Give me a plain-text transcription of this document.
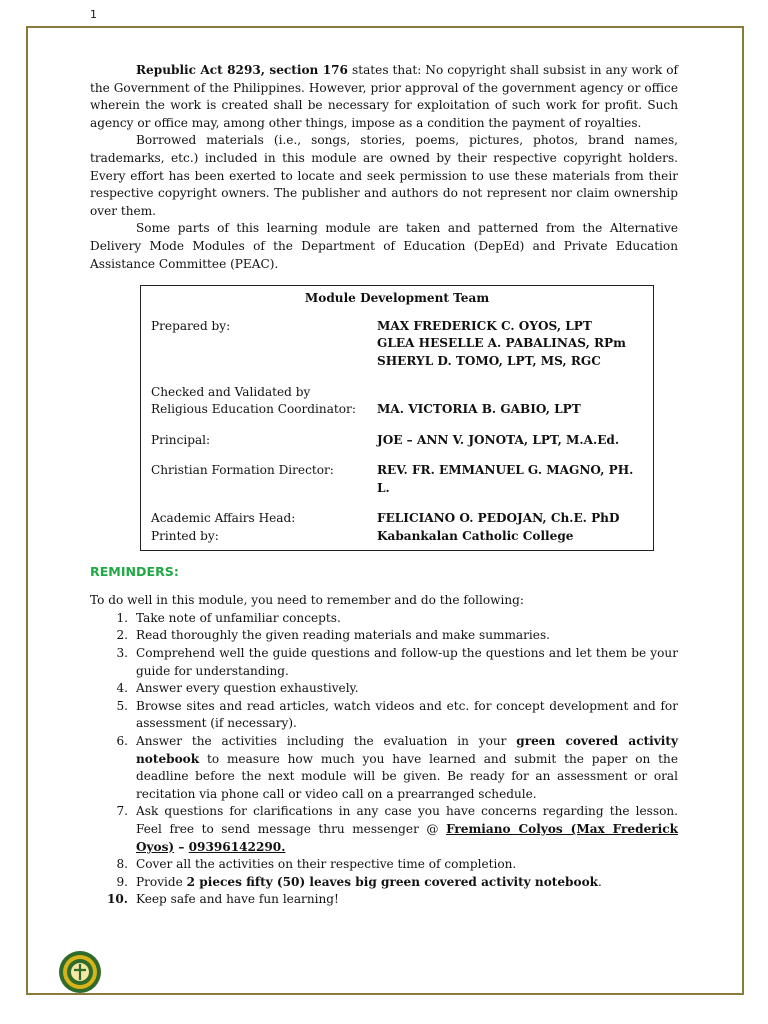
1

Republic Act 8293, section 176 states that: No copyright shall subsist in any work of the Government of the Philippines. However, prior approval of the government agency or office wherein the work is created shall be necessary for exploitation of such work for profit. Such agency or office may, among other things, impose as a condition the payment of royalties.

Borrowed materials (i.e., songs, stories, poems, pictures, photos, brand names, trademarks, etc.) included in this module are owned by their respective copyright holders. Every effort has been exerted to locate and seek permission to use these materials from their respective copyright owners. The publisher and authors do not represent nor claim ownership over them.

Some parts of this learning module are taken and patterned from the Alternative Delivery Mode Modules of the Department of Education (DepEd) and Private Education Assistance Committee (PEAC).

Module Development Team
Prepared by:	MAX FREDERICK C. OYOS, LPT
GLEA HESELLE A. PABALINAS, RPm
SHERYL D. TOMO, LPT, MS, RGC
Checked and Validated by
Religious Education Coordinator:	MA. VICTORIA B. GABIO, LPT
Principal:	JOE – ANN V. JONOTA, LPT, M.A.Ed.
Christian Formation Director:	REV. FR. EMMANUEL G. MAGNO, PH. L.
Academic Affairs Head:	FELICIANO O. PEDOJAN, Ch.E. PhD
Printed by:	Kabankalan Catholic College
REMINDERS:

To do well in this module, you need to remember and do the following:

1. Take note of unfamiliar concepts.
2. Read thoroughly the given reading materials and make summaries.
3. Comprehend well the guide questions and follow-up the questions and let them be your guide for understanding.
4. Answer every question exhaustively.
5. Browse sites and read articles, watch videos and etc. for concept development and for assessment (if necessary).
6. Answer the activities including the evaluation in your green covered activity notebook to measure how much you have learned and submit the paper on the deadline before the next module will be given. Be ready for an assessment or oral recitation via phone call or video call on a prearranged schedule.
7. Ask questions for clarifications in any case you have concerns regarding the lesson. Feel free to send message thru messenger @ Fremiano Colyos (Max Frederick Oyos) – 09396142290.
8. Cover all the activities on their respective time of completion.
9. Provide 2 pieces fifty (50) leaves big green covered activity notebook.
10. Keep safe and have fun learning!
